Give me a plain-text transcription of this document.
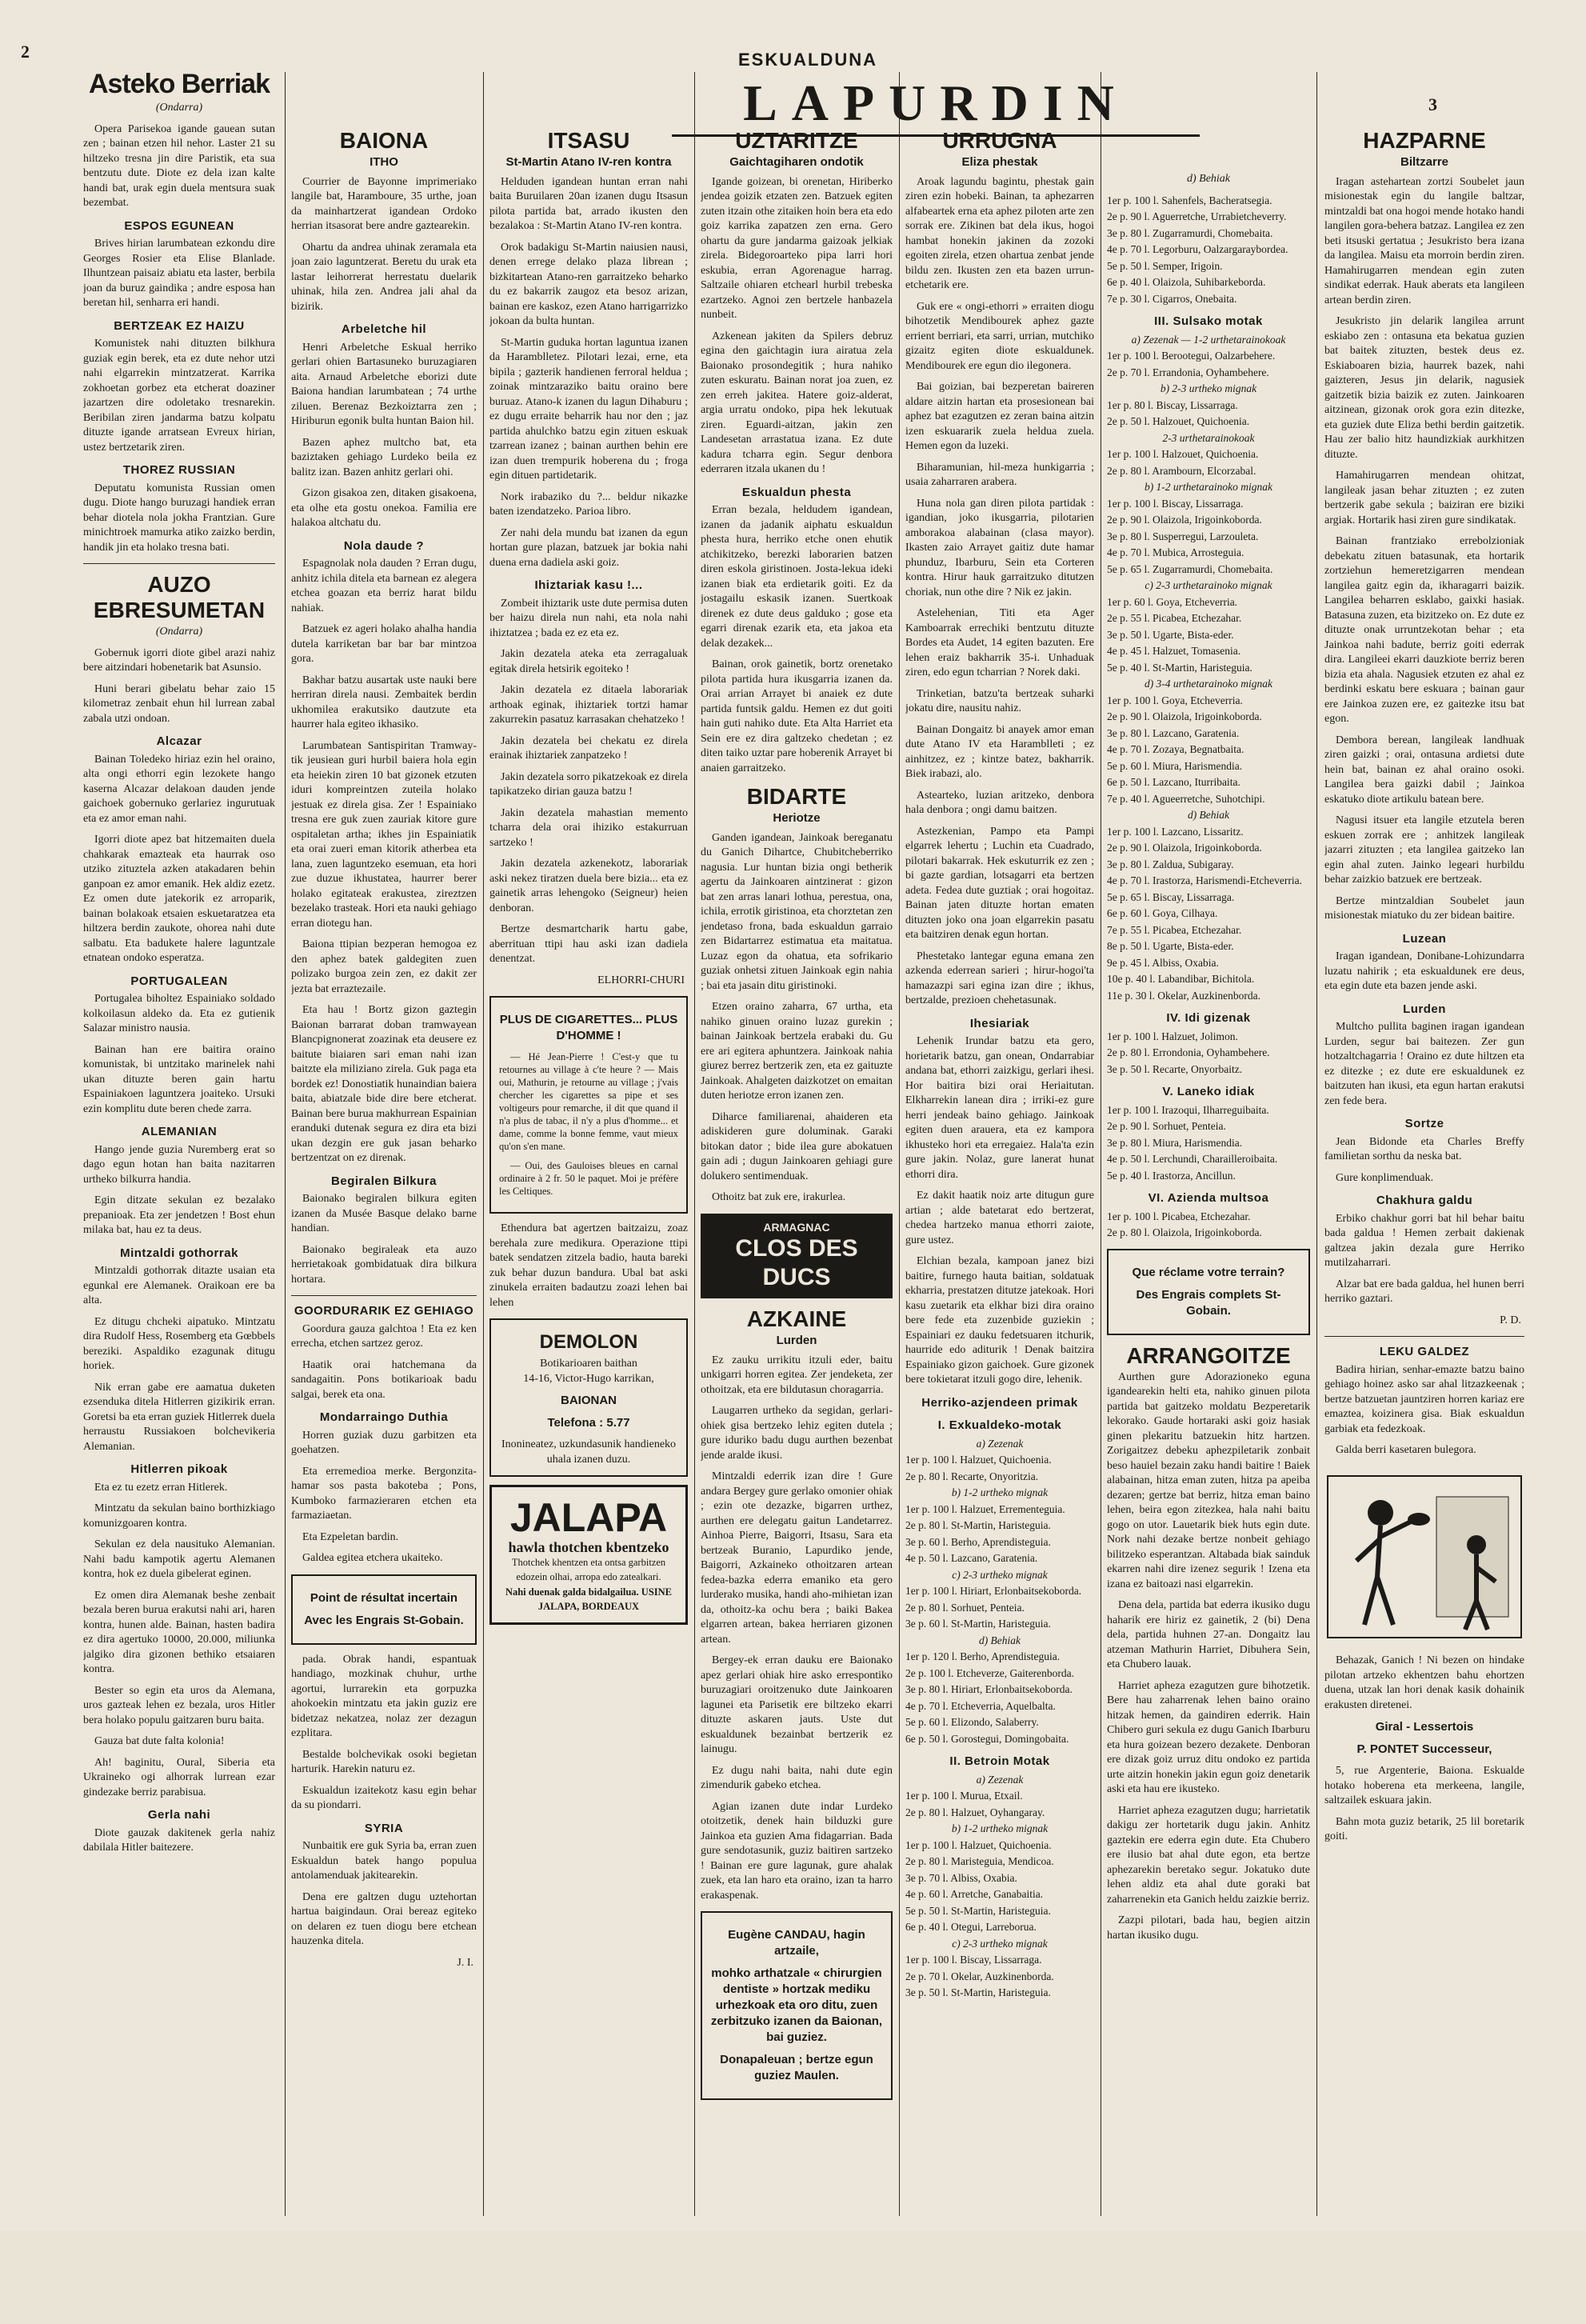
2
3
ESKUALDUNA
LAPURDIN
Asteko Berriak
(Ondarra)

Opera Parisekoa igande gauean sutan zen ; bainan etzen hil nehor. Laster 21 su hiltzeko tresna jin dire Paristik, eta sua bentzutu dute. Diote ez dela izan kalte handi bat, urak egin duela mentsura suak bezembat.

ESPOS EGUNEAN

Brives hirian larumbatean ezkondu dire Georges Rosier eta Elise Blanlade. Ilhuntzean paisaiz abiatu eta laster, berbila joan da buruz gaindika ; andre esposa han beretan hil, senharra eri handi.

BERTZEAK EZ HAIZU

Komunistek nahi dituzten bilkhura guziak egin berek, eta ez dute nehor utzi nahi elgarrekin mintzatzerat. Karrika zokhoetan gorbez eta etcherat doaziner jazartzen dire odoletako tresnarekin. Beribilan ziren jandarma batzu kolpatu dituzte igande arratsean Evreux hirian, ustez bertzetarik ziren.

THOREZ RUSSIAN

Deputatu komunista Russian omen dugu. Diote hango buruzagi handiek erran behar diotela nola jokha Frantzian. Gure minichtroek mamurka atiko zaizko berdin, handik jin eta holako tresna bati.

AUZO EBRESUMETAN
(Ondarra)

Gobernuk igorri diote gibel arazi nahiz bere aitzindari hobenetarik bat Asunsio.

Huni berari gibelatu behar zaio 15 kilometraz zenbait ehun hil lurrean zabal zabala utzi ondoan.

Alcazar

Bainan Toledeko hiriaz ezin hel oraino, alta ongi ethorri egin lezokete hango kaserna Alcazar delakoan dauden jende gaichoek gobernuko gerlariez ingurutuak eta ez amor eman nahi.

Igorri diote apez bat hitzemaiten duela chahkarak emazteak eta haurrak oso utziko zituztela azken atakadaren behin ganpoan ez amor emanik. Hek aldiz ezetz. Ez omen dute jatekorik ez arroparik, bainan bolakoak etsaien eskuetaratzea eta hiltzera berdin zaukote, ohorea nahi dute salbatu. Eta badukete halere laguntzale etnatean ondoko esperatza.

PORTUGALEAN

Portugalea biholtez Espainiako soldado kolkoilasun aldeko da. Eta ez gutienik Salazar ministro nausia.

Bainan han ere baitira oraino komunistak, bi untzitako marinelek nahi ukan dituzte beren gain hartu Espainiakoen laguntzera joaiteko. Ursuki ezin komplitu dute beren chede zarra.

ALEMANIAN

Hango jende guzia Nuremberg erat so dago egun hotan han baita nazitarren urtheko bilkurra handia.

Egin ditzate sekulan ez bezalako prepanioak. Eta zer jendetzen ! Bost ehun milaka bat, hau ez ta deus.

Mintzaldi gothorrak

Mintzaldi gothorrak ditazte usaian eta egunkal ere Alemanek. Oraikoan ere ba alta.

Ez ditugu chcheki aipatuko. Mintzatu dira Rudolf Hess, Rosemberg eta Gœbbels bereziki. Aspaldiko ezagunak ditugu horiek.

Nik erran gabe ere aamatua duketen ezsenduka ditela Hitlerren gizikirik erran. Goretsi ba eta erran guziek Hitlerrek duela herraustu Russiakoen bolchevikeria Alemanian.

Hitlerren pikoak

Eta ez tu ezetz erran Hitlerek.

Mintzatu da sekulan baino borthizkiago komunizgoaren kontra.

Sekulan ez dela nausituko Alemanian. Nahi badu kampotik agertu Alemanen kontra, hok ez duela gibelerat eginen.

Ez omen dira Alemanak beshe zenbait bezala beren burua erakutsi nahi ari, haren kontra, hunen alde. Bainan, hasten badira ez dira agertuko 10000, 20.000, miliunka jalgiko dira gizonen bethiko etsaiaren kontra.

Bester so egin eta uros da Alemana, uros gazteak lehen ez bezala, uros Hitler bera holako populu gaitzaren buru baita.

Gauza bat dute falta kolonia!

Ah! baginitu, Oural, Siberia eta Ukraineko ogi alhorrak lurrean ezar gindezake berriz parabisua.

Gerla nahi

Diote gauzak dakitenek gerla nahiz dabilala Hitler baitezere.

BAIONA
ITHO

Courrier de Bayonne imprimeriako langile bat, Haramboure, 35 urthe, joan da mainhartzerat igandean Ordoko herrian itsasorat bere andre gaztearekin.

Ohartu da andrea uhinak zeramala eta joan zaio laguntzerat. Beretu du urak eta lastar leihorrerat herrestatu duelarik uhinak, hila zen. Andrea jali ahal da bizirik.

Arbeletche hil

Henri Arbeletche Eskual herriko gerlari ohien Bartasuneko buruzagiaren aita. Arnaud Arbeletche eborizi dute Baiona handian larumbatean ; 74 urthe ziluen. Berenaz Bezkoiztarra zen ; Hiriburun egonik bulta huntan Baion hil.

Bazen aphez multcho bat, eta baziztaken gehiago Lurdeko beila ez balitz izan. Bazen anhitz gerlari ohi.

Gizon gisakoa zen, ditaken gisakoena, eta olhe eta gostu onekoa. Familia ere halakoa altchatu du.

Nola daude ?

Espagnolak nola dauden ? Erran dugu, anhitz ichila ditela eta barnean ez alegera etchea goazan eta berriz harat bildu nahiak.

Batzuek ez ageri holako ahalha handia dutela karriketan bar bar bar mintzoa gora.

Bakhar batzu ausartak uste nauki bere herriran direla nausi. Zembaitek berdin ukhomilea erakutsiko dautzute eta haurrer hala egiteo ikhasiko.

Larumbatean Santispiritan Tramway-tik jeusiean guri hurbil baiera hola egin eta heiekin ziren 10 bat gizonek etzuten iduri kompreintzen zuteila holako jestuak ez direla gisa. Zer ! Espainiako tresna ere guk zuen zauriak kitore gure ospitaletan artha; ikhes jin Espainiatik eta orai zueri eman kitorik atherbea eta lana, zuen laguntzeko esemuan, eta hori zue duzue ikhustatea, haurrer berer holako egitateak erakustea, zireztzen bezelako trasteak. Hori eta nauki gehiago erran diotegu han.

Baiona ttipian bezperan hemogoa ez den aphez batek galdegiten zuen polizako burgoa zein zen, ez dakit zer jezta bat erraztezaile.

Eta hau ! Bortz gizon gaztegin Baionan barrarat doban tramwayean Blancpignonerat zoazinak eta deusere ez baitute biaiaren sari eman nahi izan baitzte ela miliziano zirela. Guk paga eta bordek ez! Donostiatik hunaindian baiera baita, abiatzale bide dire bere etcherat. Bainan bere burua makhurrean Espainian eranduki dutenak segura ez dira eta bizi ukan dezgin ere guk jasan beharko bertzentzat on ez direnak.

Begiralen Bilkura

Baionako begiralen bilkura egiten izanen da Musée Basque delako barne handian.

Baionako begiraleak eta auzo herrietakoak gombidatuak dira bilkura hortara.

GOORDURARIK EZ GEHIAGO

Goordura gauza galchtoa ! Eta ez ken errecha, etchen sartzez geroz.

Haatik orai hatchemana da sandagaitin. Pons botikarioak badu salgai, berek eta ona.

Mondarraingo Duthia

Horren guziak duzu garbitzen eta goehatzen.

Eta erremedioa merke. Bergonzita-hamar sos pasta bakoteba ; Pons, Kumboko farmazieraren etchen eta farmaziaetan.

Eta Ezpeletan bardin.

Galdea egitea etchera ukaiteko.

Point de résultat incertain
Avec les Engrais St-Gobain.

pada. Obrak handi, espantuak handiago, mozkinak chuhur, urthe agortui, lurrarekin eta gorpuzka ahokoekin mintzatu eta jakin guziz ere bidetzaz nekatzea, nolaz zer dezagun ezplitara.

Bestalde bolchevikak osoki begietan harturik. Harekin naturu ez.

Eskualdun izaitekotz kasu egin behar da su piondarri.

SYRIA

Nunbaitik ere guk Syria ba, erran zuen Eskualdun batek hango populua antolamenduak jakitearekin.

Dena ere galtzen dugu uztehortan hartua baigindaun. Orai bereaz egiteko on delaren ez tuen diogu bere etchean hauzenka ditela.

J. I.
ITSASU
St-Martin Atano IV-ren kontra

Helduden igandean huntan erran nahi baita Buruilaren 20an izanen dugu Itsasun pilota partida bat, arrado ikusten den bezalakoa : St-Martin Atano IV-ren kontra.

Orok badakigu St-Martin naiusien nausi, denen errege delako plaza librean ; bizkitartean Atano-ren garraitzeko beharko du ez bakarrik zaugoz eta besoz arizan, bainan ere kaskoz, ezen Atano harrigarrizko jokoan da bulta huntan.

St-Martin guduka hortan laguntua izanen da Haramblletez. Pilotari lezai, erne, eta bipila ; gazterik handienen ferroral heldua ; zoinak mintzaraziko baitu oraino bere buruaz. Atano-k izanen du lagun Dihaburu ; ez dugu erraite beharrik hau nor den ; jaz partida ahulchko batzu egin zituen eskuak tzarrean izanez ; bainan aurthen behin ere izan duen trempurik hoberena du ; froga egin dituen partidetarik.

Nork irabaziko du ?... beldur nikazke baten izendatzeko. Parioa libro.

Zer nahi dela mundu bat izanen da egun hortan gure plazan, batzuek jar bokia nahi duena erna dadiela aski goiz.

Ihiztariak kasu !...

Zombeit ihiztarik uste dute permisa duten ber haizu direla nun nahi, eta nola nahi ihiztatzea ; bada ez ez eta ez.

Jakin dezatela ateka eta zerragaluak egitak direla hetsirik egoiteko !

Jakin dezatela ez ditaela laborariak arthoak eginak, ihiztariek tortzi hamar zakurrekin pasatuz karrasakan chehatzeko !

Jakin dezatela bei chekatu ez direla erainak ihiztariek zanpatzeko !

Jakin dezatela sorro pikatzekoak ez direla tapikatzeko dirian gauza batzu !

Jakin dezatela mahastian memento tcharra dela orai ihiziko estakurruan sartzeko !

Jakin dezatela azkenekotz, laborariak aski nekez tiratzen duela bere bizia... eta ez gainetik arras lehengoko (Seigneur) heien denboran.

Bertze desmartcharik hartu gabe, aberrituan ttipi hau aski izan dadiela denentzat.

ELHORRI-CHURI
PLUS DE CIGARETTES... PLUS D'HOMME !

— Hé Jean-Pierre ! C'est-y que tu retournes au village à c'te heure ? — Mais oui, Mathurin, je retourne au village ; j'vais chercher les cigarettes sa pipe et ses voltigeurs pour remarche, il dit que quand il n'a plus de tabac, il n'y a plus d'homme... et dame, comme la bonne femme, vaut mieux qu'on s'en mane.

— Oui, des Gauloises bleues en carnal ordinaire à 2 fr. 50 le paquet. Moi je préfère les Celtiques.

Ethendura bat agertzen baitzaizu, zoaz berehala zure medikura. Operazione ttipi batek sendatzen zitzela badio, hauta bareki zuk behar duzun bandura. Ubal bat aski zinukela erraiten badautzu zoazi lehen bai lehen

DEMOLON
Botikarioaren baithan
14-16, Victor-Hugo karrikan,
BAIONAN
Telefona : 5.77
Inonineatez, uzkundasunik handieneko uhala izanen duzu.
JALAPA
hawla thotchen kbentzeko
Thotchek khentzen eta ontsa garbitzen edozein olhai, arropa edo zatealkari.
Nahi duenak galda bidalgailua. USINE JALAPA, BORDEAUX
UZTARITZE
Gaichtagiharen ondotik

Igande goizean, bi orenetan, Hiriberko jendea goizik etzaten zen. Batzuek egiten zuten itzain othe zitaiken hoin bera eta edo goiz karrika zapatzen zen erna. Gero ohartu da gure jandarma gaizoak jelkiak zirela. Bidegoroarteko pipa larri hori eskubia, erran Agorenague harrag. Saltzaile ohiaren etchearl hurbil trebeska ezartzeko. Agnoi zen bertzele hanbazela nunbeit.

Azkenean jakiten da Spilers debruz egina den gaichtagin iura airatua zela Baionako prosondegitik ; hura nahiko zuten eskuratu. Bainan norat joa zuen, ez zen erreh jakitea. Hatere goiz-alderat, argia urratu ondoko, pipa hek lekutuak ziren. Eguardi-aitzan, jakin zen Landesetan arrastatua izana. Ez dute kadura tcharra egin. Segur denbora ederraren itzala ukanen du !

Eskualdun phesta

Erran bezala, heldudem igandean, izanen da jadanik aiphatu eskualdun phesta hura, herriko etche onen ehutik atchikitzeko, berezki laborarien batzen diren eskola giristinoen. Josta-lekua ideki izanen biak eta erdietarik goiti. Ez da jostagailu eskasik izanen. Suertkoak direnek ez dute deus galduko ; gose eta egarri direnak ezarik eta, eta jakoa eta delak dezakek...

Bainan, orok gainetik, bortz orenetako pilota partida hura ikusgarria izanen da. Orai arrian Arrayet bi anaiek ez dute partida funtsik galdu. Hemen ez dut goiti hain guti nahiko dute. Eta Alta Harriet eta Sein ere ez dira galtzeko chedetan ; ez diten taiko uztar pare hoberenik Arrayet bi anaien garraitzeko.

BIDARTE
Heriotze

Ganden igandean, Jainkoak bereganatu du Ganich Dihartce, Chubitcheberriko nagusia. Lur huntan bizia ongi betherik agertu da Jainkoaren aintzinerat : gizon bat zen arras lanari lothua, perestua, ona, ichila, errotik giristinoa, eta chorztetan zen jendetaso frona, bada eskualdun garraio zen Bidartarrez estimatua eta maitatua. Luzaz egon da ohatua, eta sofrikario guziak onhetsi zituen Jainkoak egin nahia ; bai eta jasain ditu giristinoki.

Etzen oraino zaharra, 67 urtha, eta nahiko ginuen oraino luzaz gurekin ; bainan Jainkoak bertzela erabaki du. Gu ere ari egitera aphuntzera. Jainkoak nahia giurez berrez bertzerik zen, eta ez gaituzte Jainkoak. Ahalgeten daizkotzet on emaitan duten heriotze erron izanen zen.

Diharce familiarenai, ahaideren eta adiskideren gure doluminak. Garaki bitokan dator ; bide ilea gure abokatuen gain adi ; dugun Jainkoaren gehiagi gure dolukero sentimenduak.

Othoitz bat zuk ere, irakurlea.

ARMAGNAC
CLOS DES DUCS
AZKAINE
Lurden

Ez zauku urrikitu itzuli eder, baitu unkigarri horren egitea. Zer jendeketa, zer othoitzak, eta ere bildutasun choragarria.

Laugarren urtheko da segidan, gerlari-ohiek gisa bertzeko lehiz egiten dutela ; gure iduriko badu dugu aurthen bezenbat jende aralde ikusi.

Mintzaldi ederrik izan dire ! Gure andara Bergey gure gerlako omonier ohiak ; ezin ote dezazke, bigarren urthez, aurthen ere delegatu gaitun Landetarrez. Ainhoa Pierre, Baigorri, Itsasu, Sara eta bertzeak Buranio, Lapurdiko jende, Baigorri, Azkaineko othoitzaren artean fedea-bazka ederra emaniko eta gero lurderako musika, handi aho-mihietan izan da, othoitz-ka ochu bera ; baiki Bakea elgarren artean, bakea herriaren gizonen artean.

Bergey-ek erran dauku ere Baionako apez gerlari ohiak hire asko errespontiko buruzagiari oroitzenuko dute Jainkoaren lagunei eta Parisetik ere biltzeko ekarri dituzte askaren jauts. Uste dut eskualdunek bezainbat bertzerik ez lainugu.

Ez dugu nahi baita, nahi dute egin zimendurik gabeko etchea.

Agian izanen dute indar Lurdeko otoitzetik, denek hain bilduzki gure Jainkoa eta guzien Ama fidagarrian. Bada gure sendotasunik, guziz baitiren sartzeko ! Bainan ere gure lagunak, gure ahalak zuek, eta lan haro eta oraino, izan ta harro erakaspenak.

Eugène CANDAU, hagin artzaile,
mohko arthatzale « chirurgien dentiste » hortzak mediku urhezkoak eta oro ditu, zuen zerbitzuko izanen da Baionan, bai guziez.
Donapaleuan ; bertze egun guziez Maulen.
URRUGNA
Eliza phestak

Aroak lagundu bagintu, phestak gain ziren ezin hobeki. Bainan, ta aphezarren alfabeartek erna eta aphez piloten arte zen sorrak ere. Zikinen bat dela ikus, hogoi hambat honekin jakinen da zozoki egoiten zirela, etzen ohartua zenbat jende bildu zen. Ikusten zen eta bazen urrun-etchetarik ere.

Guk ere « ongi-ethorri » erraiten diogu bihotzetik Mendibourek aphez gazte errient berriari, eta sarri, urrian, mutchiko gizaitz egiten diote eskualdunek. Mendibourek ere egun dio ilegonera.

Bai goizian, bai bezperetan baireren aldare aitzin hartan eta prosesionean bai aphez bat ezagutzen ez zeran baina aitzin izen eskuararik zuela heldua zuela. Hemen egon da luzeki.

Biharamunian, hil-meza hunkigarria ; usaia zaharraren arabera.

Huna nola gan diren pilota partidak : igandian, joko ikusgarria, pilotarien amborakoa alabainan (clasa mayor). Ikasten zaio Arrayet gaitiz dute hamar phunduz, Ibarburu, Sein eta Corteren kontra. Hirur hauk garraitzuko ditutzen choriak, nun othe dire ? Nik ez jakin.

Astelehenian, Titi eta Ager Kamboarrak errechiki bentzutu dituzte Bordes eta Audet, 14 egiten bazuten. Ere lehen eraiz bakharrik 35-i. Unhaduak ziren, edo egun tcharrian ? Norek daki.

Trinketian, batzu'ta bertzeak suharki jokatu dire, nausitu nahiz.

Bainan Dongaitz bi anayek amor eman dute Atano IV eta Haramblleti ; ez ainhitzez, ez ; kintze batez, bakharrik. Biek irabazi, alo.

Astearteko, luzian aritzeko, denbora hala denbora ; ongi damu baitzen.

Astezkenian, Pampo eta Pampi elgarrek lehertu ; Luchin eta Cuadrado, pilotari bakarrak. Hek eskuturrik ez zen ; bi gazte gardian, lotsagarri eta bertzen adeta. Fedea dute guztiak ; orai hogoitaz. Bainan jaten dituzte hortan ematen dituzten joko ona joan elgarrekin pasatu eta baitziren denak egun hortan.

Phestetako lantegar eguna emana zen azkenda ederrean sarieri ; hirur-hogoi'ta hamazazpi sari egina izan dire ; ikhus, bertzalde, prezioen chehetasunak.

Ihesiariak

Lehenik Irundar batzu eta gero, horietarik batzu, gan onean, Ondarrabiar andana bat, ethorri zaizkigu, gerlari ihesi. Hor baitira bizi orai Heriaitutan. Elkharrekin lanean dira ; irriki-ez gure herri jendeak baino gehiago. Jainkoak egiten duen arauera, eta ez kampora ikhusteko hori eta erregaiez. Hala'ta ezin gure jakin. Nolaz, gure lanerat hunat ethorri dira.

Ez dakit haatik noiz arte ditugun gure artian ; alde batetarat edo bertzerat, chedea hartzeko manua ethorri zaiote, gure ustez.

Elchian bezala, kampoan janez bizi baitire, furnego hauta baitian, soldatuak ekharria, prestatzen ditutze jatekoak. Hori kasu zuetarik eta elkhar bizi dira oraino bere fede eta zuzenbide guziekin ; Espainiari ez dauku fedetsuaren itchurik, haurride edo aditurik ! Denak baitzira Espainiako gizon gaichoek. Gure gizonek bere tokietarat itzuli gogo dire, lehenik.

Herriko-azjendeen primak
I. Exkualdeko-motak
a) Zezenak
1er p. 100 l. Halzuet, Quichoenia.
2e p. 80 l. Recarte, Onyoritzia.
b) 1-2 urtheko mignak
1er p. 100 l. Halzuet, Errementeguia.
2e p. 80 l. St-Martin, Haristeguia.
3e p. 60 l. Berho, Aprendisteguia.
4e p. 50 l. Lazcano, Garatenia.
c) 2-3 urtheko mignak
1er p. 100 l. Hiriart, Erlonbaitsekoborda.
2e p. 80 l. Sorhuet, Penteia.
3e p. 60 l. St-Martin, Haristeguia.
d) Behiak
1er p. 120 l. Berho, Aprendisteguia.
2e p. 100 l. Etcheverze, Gaiterenborda.
3e p. 80 l. Hiriart, Erlonbaitsekoborda.
4e p. 70 l. Etcheverria, Aquelbalta.
5e p. 60 l. Elizondo, Salaberry.
6e p. 50 l. Gorostegui, Domingobaita.
II. Betroin Motak
a) Zezenak
1er p. 100 l. Murua, Etxail.
2e p. 80 l. Halzuet, Oyhangaray.
b) 1-2 urtheko mignak
1er p. 100 l. Halzuet, Quichoenia.
2e p. 80 l. Maristeguia, Mendicoa.
3e p. 70 l. Albiss, Oxabia.
4e p. 60 l. Arretche, Ganabaitia.
5e p. 50 l. St-Martin, Haristeguia.
6e p. 40 l. Otegui, Larreborua.
c) 2-3 urtheko mignak
1er p. 100 l. Biscay, Lissarraga.
2e p. 70 l. Okelar, Auzkinenborda.
3e p. 50 l. St-Martin, Haristeguia.
d) Behiak
1er p. 100 l. Sahenfels, Bacheratsegia.
2e p. 90 l. Aguerretche, Urrabietcheverry.
3e p. 80 l. Zugarramurdi, Chomebaita.
4e p. 70 l. Legorburu, Oalzargaraybordea.
5e p. 50 l. Semper, Irigoin.
6e p. 40 l. Olaizola, Suhibarkeborda.
7e p. 30 l. Cigarros, Onebaita.
III. Sulsako motak
a) Zezenak — 1-2 urthetarainokoak
1er p. 100 l. Berootegui, Oalzarbehere.
2e p. 70 l. Errandonia, Oyhambehere.
b) 2-3 urtheko mignak
1er p. 80 l. Biscay, Lissarraga.
2e p. 50 l. Halzouet, Quichoenia.
2-3 urthetarainokoak
1er p. 100 l. Halzouet, Quichoenia.
2e p. 80 l. Arambourn, Elcorzabal.
b) 1-2 urthetarainoko mignak
1er p. 100 l. Biscay, Lissarraga.
2e p. 90 l. Olaizola, Irigoinkoborda.
3e p. 80 l. Susperregui, Larzouleta.
4e p. 70 l. Mubica, Arrosteguia.
5e p. 65 l. Zugarramurdi, Chomebaita.
c) 2-3 urthetarainoko mignak
1er p. 60 l. Goya, Etcheverria.
2e p. 55 l. Picabea, Etchezahar.
3e p. 50 l. Ugarte, Bista-eder.
4e p. 45 l. Halzuet, Tomasenia.
5e p. 40 l. St-Martin, Haristeguia.
d) 3-4 urthetarainoko mignak
1er p. 100 l. Goya, Etcheverria.
2e p. 90 l. Olaizola, Irigoinkoborda.
3e p. 80 l. Lazcano, Garatenia.
4e p. 70 l. Zozaya, Begnatbaita.
5e p. 60 l. Miura, Harismendia.
6e p. 50 l. Lazcano, Iturribaita.
7e p. 40 l. Agueerretche, Suhotchipi.
d) Behiak
1er p. 100 l. Lazcano, Lissaritz.
2e p. 90 l. Olaizola, Irigoinkoborda.
3e p. 80 l. Zaldua, Subigaray.
4e p. 70 l. Irastorza, Harismendi-Etcheverria.
5e p. 65 l. Biscay, Lissarraga.
6e p. 60 l. Goya, Cilhaya.
7e p. 55 l. Picabea, Etchezahar.
8e p. 50 l. Ugarte, Bista-eder.
9e p. 45 l. Albiss, Oxabia.
10e p. 40 l. Labandibar, Bichitola.
11e p. 30 l. Okelar, Auzkinenborda.
IV. Idi gizenak
1er p. 100 l. Halzuet, Jolimon.
2e p. 80 l. Errondonia, Oyhambehere.
3e p. 50 l. Recarte, Onyorbaitz.
V. Laneko idiak
1er p. 100 l. Irazoqui, Ilharreguibaita.
2e p. 90 l. Sorhuet, Penteia.
3e p. 80 l. Miura, Harismendia.
4e p. 50 l. Lerchundi, Charailleroibaita.
5e p. 40 l. Irastorza, Ancillun.
VI. Azienda multsoa
1er p. 100 l. Picabea, Etchezahar.
2e p. 80 l. Olaizola, Irigoinkoborda.
Que réclame votre terrain?
Des Engrais complets St-Gobain.
ARRANGOITZE

Aurthen gure Adorazioneko eguna igandearekin helti eta, nahiko ginuen pilota partida bat gaitzeko moldatu Bezperetarik lekorako. Gaude hortaraki aski goiz hasiak ginen plekaritu batzuekin hitz hartzen. Zorigaitzez debeku aphezpiletarik zonbait beso hauiel bezain zaku handi baitire ! Baiek alabainan, hitza eman zuten, hitza pa apeiba dezaren; gertze bat berriz, hitza eman baino lehen, beira egon zitezkea, hala nahi baitu gogo on utor. Lauetarik biek huts egin dute. Nork nahi dezake bertze nonbeit gehiago bilitzeko esperantzan. Altabada biak sainduk ekarren nahi dire izenez segurik ! Izena eta izana ez baitoazi nasi elgarrekin.

Dena dela, partida bat ederra ikusiko dugu haharik ere hiriz ez gainetik, 2 (bi) Dena dela, partida huhnen 27-an. Dongaitz lau atzeman Mathurin Harriet, Dibuhera Sein, eta Chubero lauak.

Harriet apheza ezagutzen gure bihotzetik. Bere hau zaharrenak lehen baino oraino hitzak hemen, da gaindiren ederrik. Hain Chibero guri sekula ez dugu Ganich Ibarburu eta hura goizean bezero dezakete. Denboran ere dizak goiz urruz ditu ondoko ez partida urte aitzin honekin jakin egun goiz denetarik aski eta hau ere ikusteko.

Harriet apheza ezagutzen dugu; harrietatik dakigu zer hortetarik dugu jakin. Anhitz gaztekin ere ederra egin dute. Eta Chubero ere ilusio bat ahal dute egon, eta bertze aphezarekin beretako segur. Jokatuko dute lehen aldiz eta ahal dute goraki bat zaharrenekin eta Ganich heldu zaizkie berriz.

Zazpi pilotari, bada hau, begien aitzin hartan ikusiko dugu.

HAZPARNE
Biltzarre

Iragan astehartean zortzi Soubelet jaun misionestak egin du langile baltzar, mintzaldi bat ona hogoi mende hotako handi langilen gora-behera batzaz. Langilea ez zen beti itsuski gertatua ; Jesukristo bera izana da langilea. Maisu eta morroin berdin ziren. Hamahirugarren mendean egin zuten sindikat ederrak. Hauk aberats eta langileen artean berdin ziren.

Jesukristo jin delarik langilea arrunt eskiabo zen : ontasuna eta bekatua guzien bat baitek zituzten, bestek deus ez. Eskiaboaren bizia, haurrek bazek, nahi gaizteren, Jesus jin delarik, nagusiek gaitzetik bizia baizik ez zuten. Jainkoaren aitzinean, gizonak orok gora ezin ditezke, eta guziek dute Eliza bethi berdin gaitzetik. Hau zer balio hitz haundizkiak aurkhitzen dituzte.

Hamahirugarren mendean ohitzat, langileak jasan behar zituzten ; ez zuten bertzerik gabe sekula ; baiziran ere biziki argiak. Hortarik hasi ziren gure sindikatak.

Bainan frantziako errebolzioniak debekatu zituen batasunak, eta hortarik zortziehun hemeretzigarren mendean langilea gaitz egin da, ikharagarri baizik. Langilea beharren esklabo, gaixki hasiak. Batasuna zuzen, eta bizitzeko on. Ez dute ez dituzte onak urruntzekotan behar ; eta Jainkoa nahi badute, berriz goiti ederrak dira. Langileei ekarri dauzkiote berriz beren bizia eta ahala. Nagusiek etzuten ez ahal ez berdinki eskatu bere eskuara ; bainan gaur ere Jainkoa zuzen ere, ez gaitezke itsu bat egon.

Dembora berean, langileak landhuak ziren gaizki ; orai, ontasuna ardietsi dute hein bat, bainan ez ahal oraino osoki. Langilea bera gaizki dabil ; Jainkoa eskatuko diote artikulu batean bere.

Nagusi itsuer eta langile etzutela beren eskuen zorrak ere ; anhitzek langileak jazarri zituzten ; eta langilea gaitzeko lan egin ahal zuten. Jainko legeari hurbildu behar zaizkio batzuek ere bertzeak.

Bertze mintzaldian Soubelet jaun misionestak miatuko du zer bidean baitire.

Luzean

Iragan igandean, Donibane-Lohizundarra luzatu nahirik ; eta eskualdunek ere deus, eta egin dute eta bazen jende aski.

Lurden

Multcho pullita baginen iragan igandean Lurden, segur bai baitezen. Zer gun hotzaltchagarria ! Oraino ez dute hiltzen eta ez ditezke ; ez dute ere eskualdunek ez baitzuten han ikusi, eta egun hartan erakutsi zen fede bera.

Sortze

Jean Bidonde eta Charles Breffy familietan sorthu da neska bat.

Gure konplimenduak.

Chakhura galdu

Erbiko chakhur gorri bat hil behar baitu bada galdua ! Hemen zerbait dakienak galtzea jakin dezala gure Herriko mutilzaharrari.

Alzar bat ere bada galdua, hel hunen berri herriko gaztari.

P. D.
LEKU GALDEZ

Badira hirian, senhar-emazte batzu baino gehiago hoinez asko sar ahal litzazkeenak ; bertze batzuetan jauntziren horren kariaz ere emaztea, koizinera gisa. Biak eskualdun garbiak eta fedezkoak.

Galda berri kasetaren bulegora.

Behazak, Ganich ! Ni bezen on hindake pilotan artzeko ekhentzen bahu ehortzen duena, utzak lan hori denak kasik dohainik erakusten diretenei.

Giral - Lessertois
P. PONTET Successeur,

5, rue Argenterie, Baiona. Eskualde hotako hoberena eta merkeena, langile, saltzailek eskuara jakin.

Bahn mota guziz betarik, 25 lil boretarik goiti.
